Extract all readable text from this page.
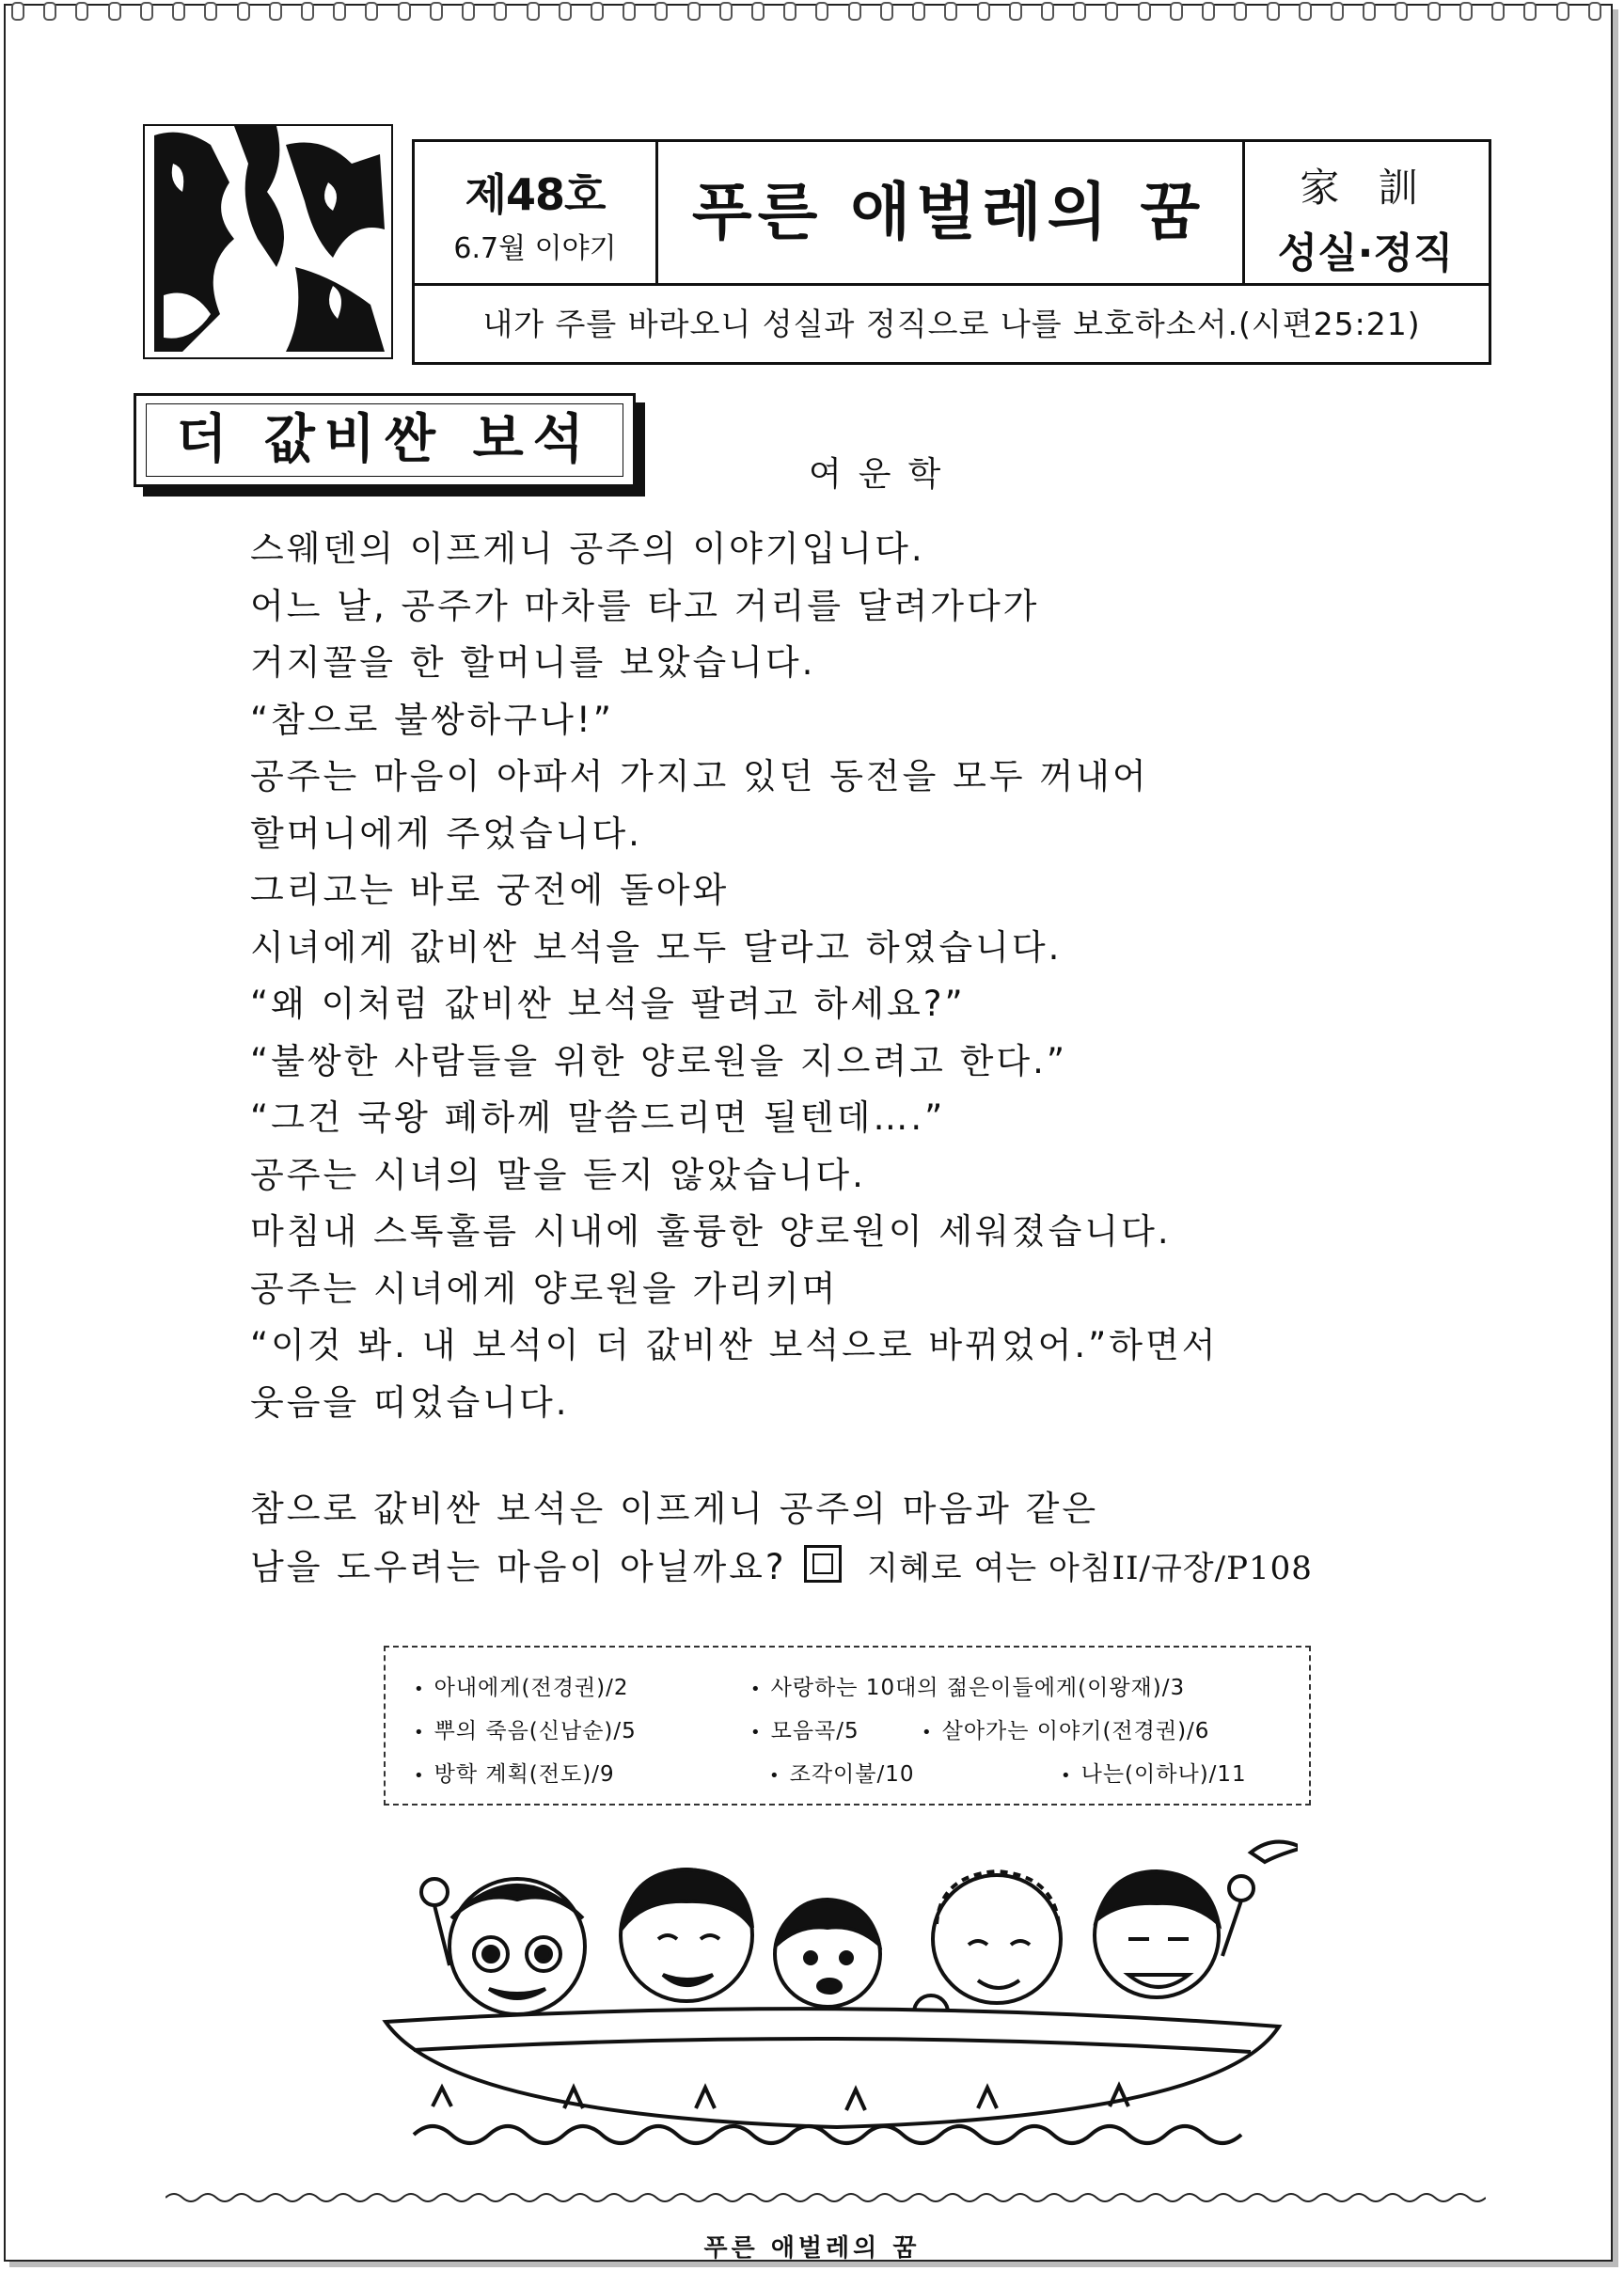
제48호
6.7월 이야기
푸른 애벌레의 꿈	家 訓
성실·정직
내가 주를 바라오니 성실과 정직으로 나를 보호하소서.(시편25:21)
더 값비싼 보석
여운학
스웨덴의 이프게니 공주의 이야기입니다.
어느 날, 공주가 마차를 타고 거리를 달려가다가
거지꼴을 한 할머니를 보았습니다.
“참으로 불쌍하구나!”
공주는 마음이 아파서 가지고 있던 동전을 모두 꺼내어
할머니에게 주었습니다.
그리고는 바로 궁전에 돌아와
시녀에게 값비싼 보석을 모두 달라고 하였습니다.
“왜 이처럼 값비싼 보석을 팔려고 하세요?”
“불쌍한 사람들을 위한 양로원을 지으려고 한다.”
“그건 국왕 폐하께 말씀드리면 될텐데….”
공주는 시녀의 말을 듣지 않았습니다.
마침내 스톡홀름 시내에 훌륭한 양로원이 세워졌습니다.
공주는 시녀에게 양로원을 가리키며
“이것 봐. 내 보석이 더 값비싼 보석으로 바뀌었어.”하면서
웃음을 띠었습니다.
참으로 값비싼 보석은 이프게니 공주의 마음과 같은
남을 도우려는 마음이 아닐까요?	지혜로 여는 아침II/규장/P108
• 아내에게(전경권)/2	• 사랑하는 10대의 젊은이들에게(이왕재)/3
• 뿌의 죽음(신남순)/5	• 모음곡/5	• 살아가는 이야기(전경권)/6
• 방학 계획(전도)/9	• 조각이불/10	• 나는(이하나)/11
푸른 애벌레의 꿈
